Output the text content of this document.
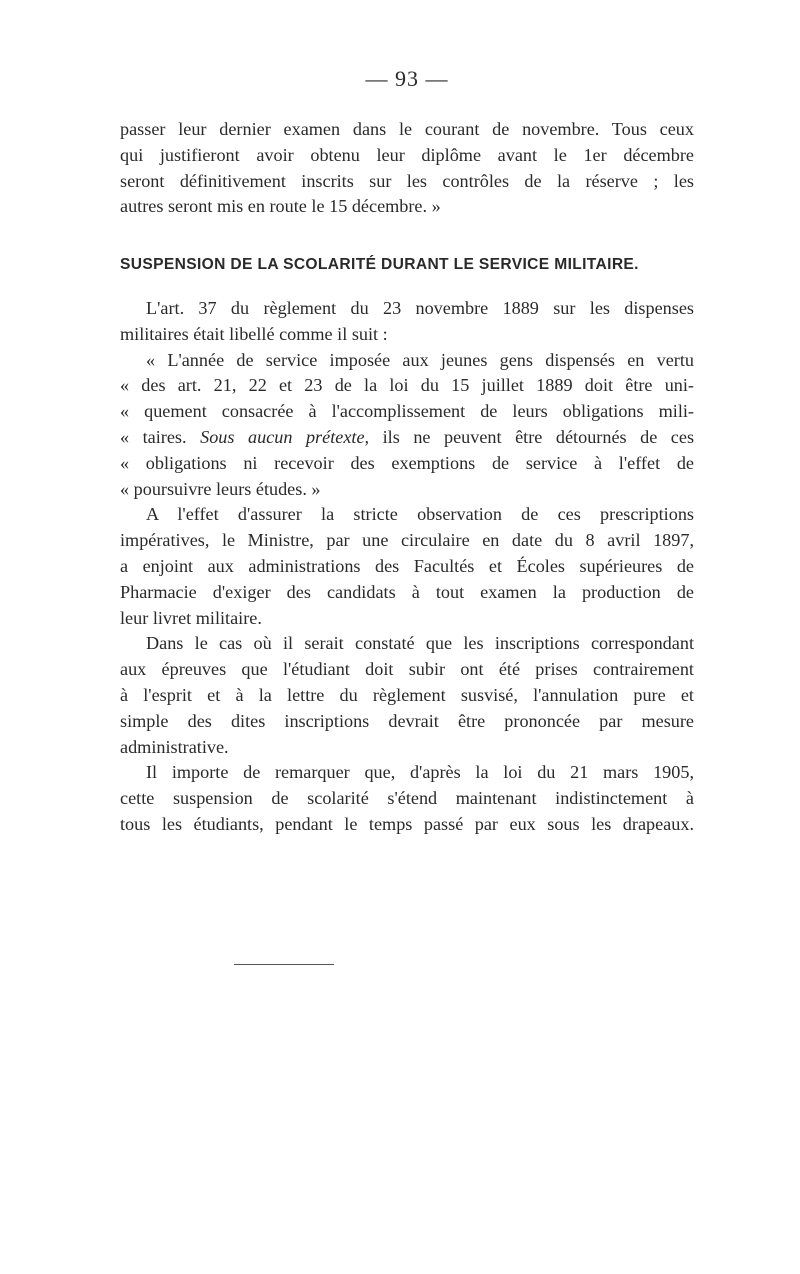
— 93 —
passer leur dernier examen dans le courant de novembre. Tous ceux
qui justifieront avoir obtenu leur diplôme avant le 1er décembre
seront définitivement inscrits sur les contrôles de la réserve ; les
autres seront mis en route le 15 décembre. »
SUSPENSION DE LA SCOLARITÉ DURANT LE SERVICE MILITAIRE.
L'art. 37 du règlement du 23 novembre 1889 sur les dispenses
militaires était libellé comme il suit :
« L'année de service imposée aux jeunes gens dispensés en vertu
« des art. 21, 22 et 23 de la loi du 15 juillet 1889 doit être uni-
« quement consacrée à l'accomplissement de leurs obligations mili-
« taires. Sous aucun prétexte, ils ne peuvent être détournés de ces
« obligations ni recevoir des exemptions de service à l'effet de
« poursuivre leurs études. »
A l'effet d'assurer la stricte observation de ces prescriptions
impératives, le Ministre, par une circulaire en date du 8 avril 1897,
a enjoint aux administrations des Facultés et Écoles supérieures de
Pharmacie d'exiger des candidats à tout examen la production de
leur livret militaire.
Dans le cas où il serait constaté que les inscriptions correspondant
aux épreuves que l'étudiant doit subir ont été prises contrairement
à l'esprit et à la lettre du règlement susvisé, l'annulation pure et
simple des dites inscriptions devrait être prononcée par mesure
administrative.
Il importe de remarquer que, d'après la loi du 21 mars 1905,
cette suspension de scolarité s'étend maintenant indistinctement à
tous les étudiants, pendant le temps passé par eux sous les drapeaux.
